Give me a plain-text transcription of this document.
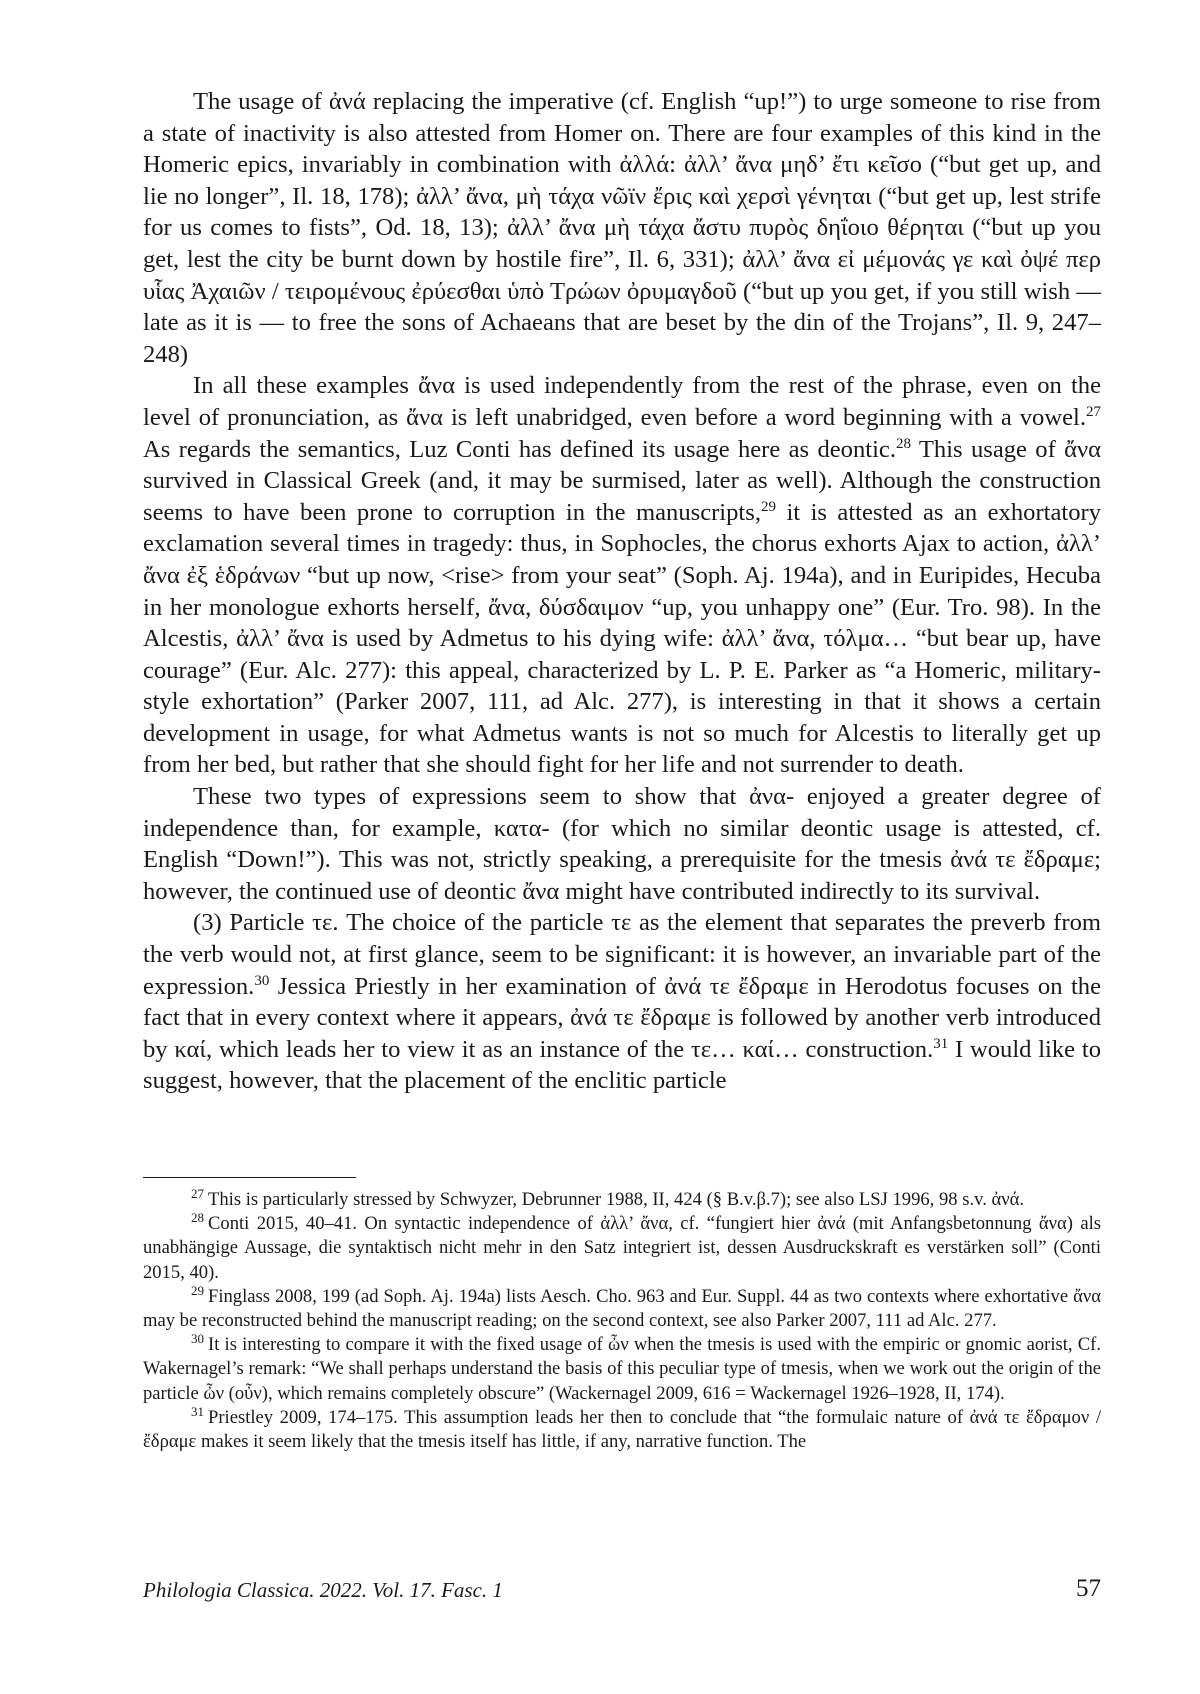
The usage of ἀνά replacing the imperative (cf. English “up!”) to urge someone to rise from a state of inactivity is also attested from Homer on. There are four examples of this kind in the Homeric epics, invariably in combination with ἀλλά: ἀλλ’ ἄνα μηδ’ ἔτι κεῖσο (“but get up, and lie no longer”, Il. 18, 178); ἀλλ’ ἄνα, μὴ τάχα νῶϊν ἔρις καὶ χερσὶ γένηται (“but get up, lest strife for us comes to fists”, Od. 18, 13); ἀλλ’ ἄνα μὴ τάχα ἄστυ πυρὸς δηΐοιο θέρηται (“but up you get, lest the city be burnt down by hostile fire”, Il. 6, 331); ἀλλ’ ἄνα εἰ μέμονάς γε καὶ ὀψέ περ υἷας Ἀχαιῶν / τειρομένους ἐρύεσθαι ὑπὸ Τρώων ὀρυμαγδοῦ (“but up you get, if you still wish — late as it is — to free the sons of Achaeans that are beset by the din of the Trojans”, Il. 9, 247–248)

In all these examples ἄνα is used independently from the rest of the phrase, even on the level of pronunciation, as ἄνα is left unabridged, even before a word beginning with a vowel.$^{27}$ As regards the semantics, Luz Conti has defined its usage here as deontic.$^{28}$ This usage of ἄνα survived in Classical Greek (and, it may be surmised, later as well). Although the construction seems to have been prone to corruption in the manuscripts,$^{29}$ it is attested as an exhortatory exclamation several times in tragedy: thus, in Sophocles, the chorus exhorts Ajax to action, ἀλλ’ ἄνα ἐξ ἑδράνων “but up now, <rise> from your seat” (Soph. Aj. 194a), and in Euripides, Hecuba in her monologue exhorts herself, ἄνα, δύσδαιμον “up, you unhappy one” (Eur. Tro. 98). In the Alcestis, ἀλλ’ ἄνα is used by Admetus to his dying wife: ἀλλ’ ἄνα, τόλμα… “but bear up, have courage” (Eur. Alc. 277): this appeal, characterized by L. P. E. Parker as “a Homeric, military-style exhortation” (Parker 2007, 111, ad Alc. 277), is interesting in that it shows a certain development in usage, for what Admetus wants is not so much for Alcestis to literally get up from her bed, but rather that she should fight for her life and not surrender to death.

These two types of expressions seem to show that ἀνα- enjoyed a greater degree of independence than, for example, κατα- (for which no similar deontic usage is attested, cf. English “Down!”). This was not, strictly speaking, a prerequisite for the tmesis ἀνά τε ἔδραμε; however, the continued use of deontic ἄνα might have contributed indirectly to its survival.

(3) Particle τε. The choice of the particle τε as the element that separates the preverb from the verb would not, at first glance, seem to be significant: it is however, an invariable part of the expression.$^{30}$ Jessica Priestly in her examination of ἀνά τε ἔδραμε in Herodotus focuses on the fact that in every context where it appears, ἀνά τε ἔδραμε is followed by another verb introduced by καί, which leads her to view it as an instance of the τε… καί… construction.$^{31}$ I would like to suggest, however, that the placement of the enclitic particle

$^{27}$ This is particularly stressed by Schwyzer, Debrunner 1988, II, 424 (§ B.v.β.7); see also LSJ 1996, 98 s.v. ἀνά.

$^{28}$ Conti 2015, 40–41. On syntactic independence of ἀλλ’ ἄνα, cf. “fungiert hier ἀνά (mit Anfangsbetonnung ἄνα) als unabhängige Aussage, die syntaktisch nicht mehr in den Satz integriert ist, dessen Ausdruckskraft es verstärken soll” (Conti 2015, 40).

$^{29}$ Finglass 2008, 199 (ad Soph. Aj. 194a) lists Aesch. Cho. 963 and Eur. Suppl. 44 as two contexts where exhortative ἄνα may be reconstructed behind the manuscript reading; on the second context, see also Parker 2007, 111 ad Alc. 277.

$^{30}$ It is interesting to compare it with the fixed usage of ὦν when the tmesis is used with the empiric or gnomic aorist, Cf. Wakernagel’s remark: “We shall perhaps understand the basis of this peculiar type of tmesis, when we work out the origin of the particle ὦν (οὖν), which remains completely obscure” (Wackernagel 2009, 616 = Wackernagel 1926–1928, II, 174).

$^{31}$ Priestley 2009, 174–175. This assumption leads her then to conclude that “the formulaic nature of ἀνά τε ἔδραμον / ἔδραμε makes it seem likely that the tmesis itself has little, if any, narrative function. The

Philologia Classica. 2022. Vol. 17. Fasc. 1	57
